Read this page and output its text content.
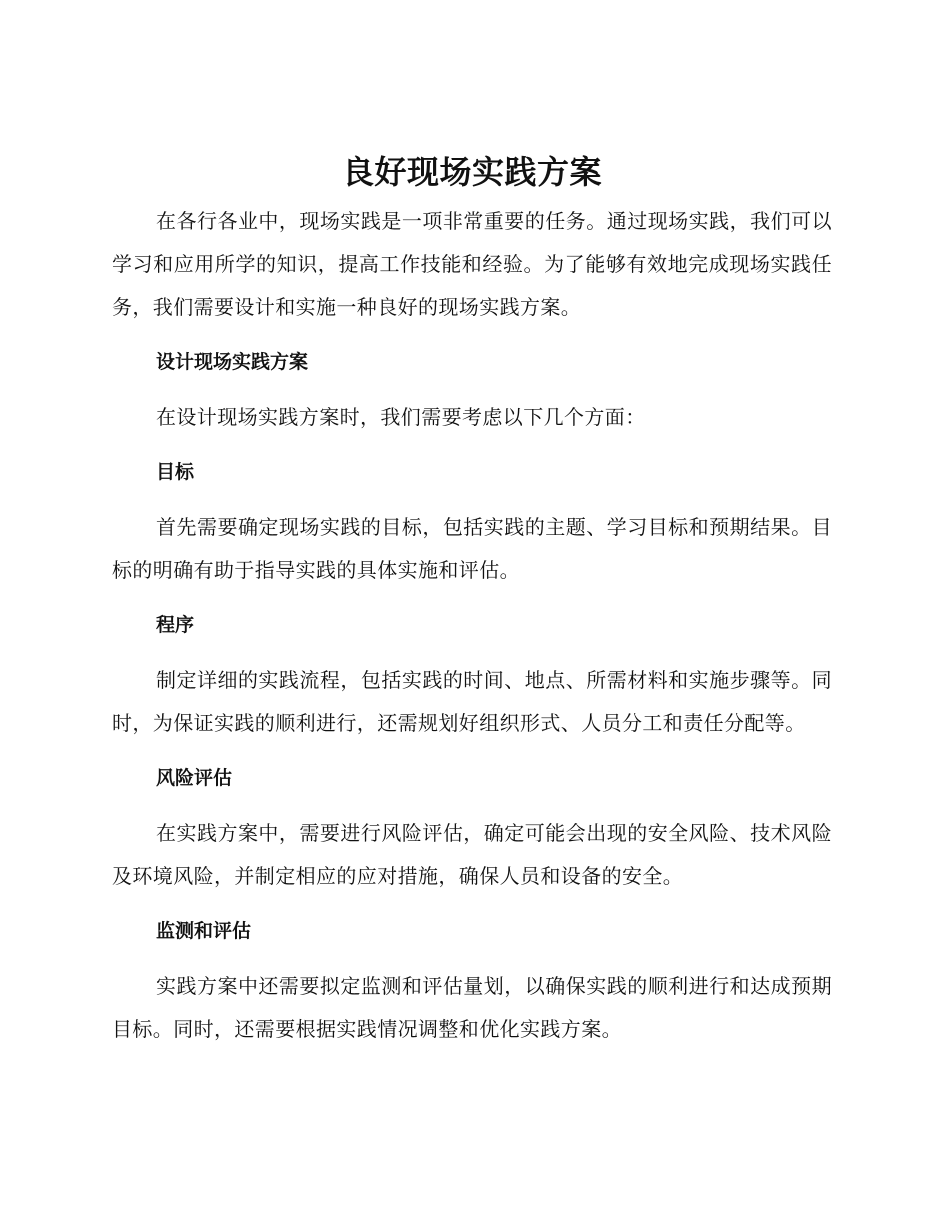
良好现场实践方案

在各行各业中，现场实践是一项非常重要的任务。通过现场实践，我们可以学习和应用所学的知识，提高工作技能和经验。为了能够有效地完成现场实践任务，我们需要设计和实施一种良好的现场实践方案。

设计现场实践方案

在设计现场实践方案时，我们需要考虑以下几个方面：

目标

首先需要确定现场实践的目标，包括实践的主题、学习目标和预期结果。目标的明确有助于指导实践的具体实施和评估。

程序

制定详细的实践流程，包括实践的时间、地点、所需材料和实施步骤等。同时，为保证实践的顺利进行，还需规划好组织形式、人员分工和责任分配等。

风险评估

在实践方案中，需要进行风险评估，确定可能会出现的安全风险、技术风险及环境风险，并制定相应的应对措施，确保人员和设备的安全。

监测和评估

实践方案中还需要拟定监测和评估量划，以确保实践的顺利进行和达成预期目标。同时，还需要根据实践情况调整和优化实践方案。
